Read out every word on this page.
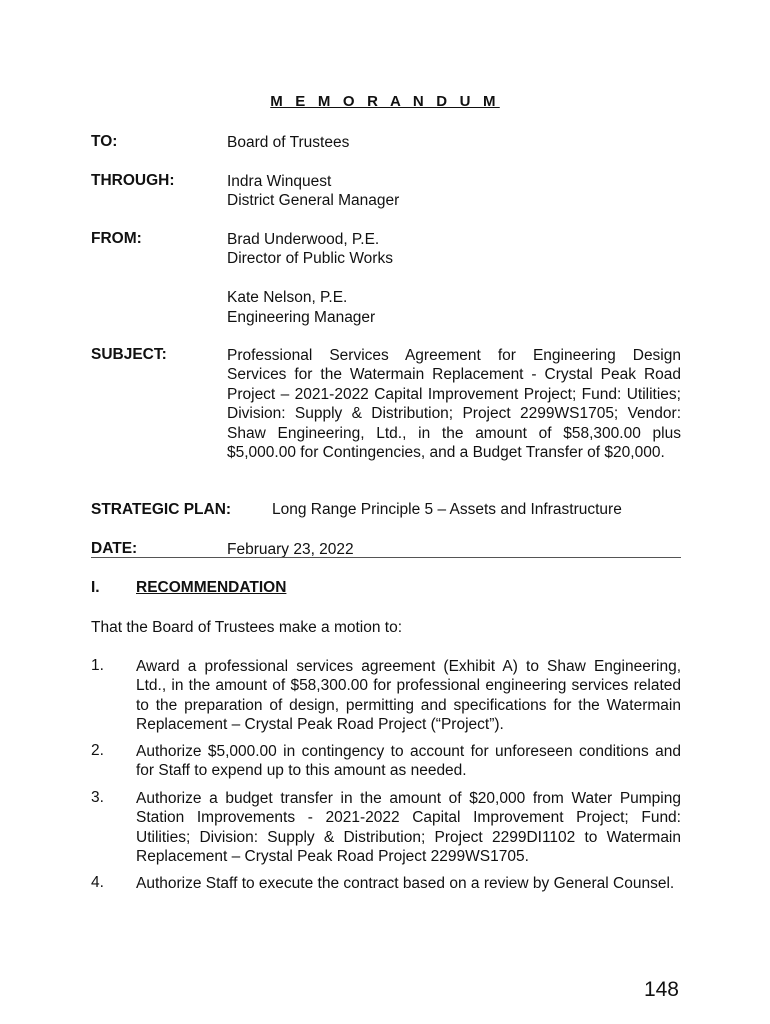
M E M O R A N D U M
TO:	Board of Trustees
THROUGH:	Indra Winquest
District General Manager
FROM:	Brad Underwood, P.E.
Director of Public Works
Kate Nelson, P.E.
Engineering Manager
SUBJECT:	Professional Services Agreement for Engineering Design Services for the Watermain Replacement - Crystal Peak Road Project – 2021-2022 Capital Improvement Project; Fund: Utilities; Division: Supply & Distribution; Project 2299WS1705; Vendor: Shaw Engineering, Ltd., in the amount of $58,300.00 plus $5,000.00 for Contingencies, and a Budget Transfer of $20,000.
STRATEGIC PLAN:	Long Range Principle 5 – Assets and Infrastructure
DATE:	February 23, 2022
I. RECOMMENDATION
That the Board of Trustees make a motion to:
1. Award a professional services agreement (Exhibit A) to Shaw Engineering, Ltd., in the amount of $58,300.00 for professional engineering services related to the preparation of design, permitting and specifications for the Watermain Replacement – Crystal Peak Road Project (“Project”).
2. Authorize $5,000.00 in contingency to account for unforeseen conditions and for Staff to expend up to this amount as needed.
3. Authorize a budget transfer in the amount of $20,000 from Water Pumping Station Improvements - 2021-2022 Capital Improvement Project; Fund: Utilities; Division: Supply & Distribution; Project 2299DI1102 to Watermain Replacement – Crystal Peak Road Project 2299WS1705.
4. Authorize Staff to execute the contract based on a review by General Counsel.
148
